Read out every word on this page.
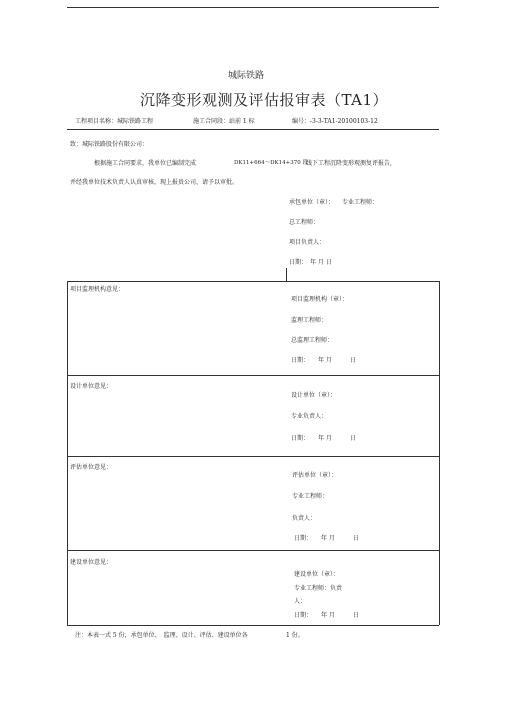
城际铁路
沉降变形观测及评估报审表（TA1）
工程项目名称：城际铁路工程	施工合同段：站前 1 标	编号：-3-3-TA1-20100103-12
致：城际铁路股份有限公司：
根据施工合同要求，我单位已编制完成	DK11+664～DK14+370 段
线下工程沉降变形观测复评报告,
并经我单位技术负责人认真审核。现上报贵公司，请予以审批。
承包单位（章）： 专业工程师：
总工程师：
项目负责人：
日期：　年 月 日
项目监理机构意见：
项目监理机构（章）：
监理工程师：
总监理工程师：
日期：　　年 月　　　日
设计单位意见：
设计单位（章）：
专业负责人：
日期：　　年 月　　　日
评估单位意见：
评估单位（章）：
专业工程师：
负责人：
日期：　　年 月　　　日
建设单位意见：
建设单位（章）：
专业工程师：负责
人：
日期：　　年 月　　　日
注：本表一式 5 份，承包单位、　监理、设计、评估、建设单位各	1 份。
